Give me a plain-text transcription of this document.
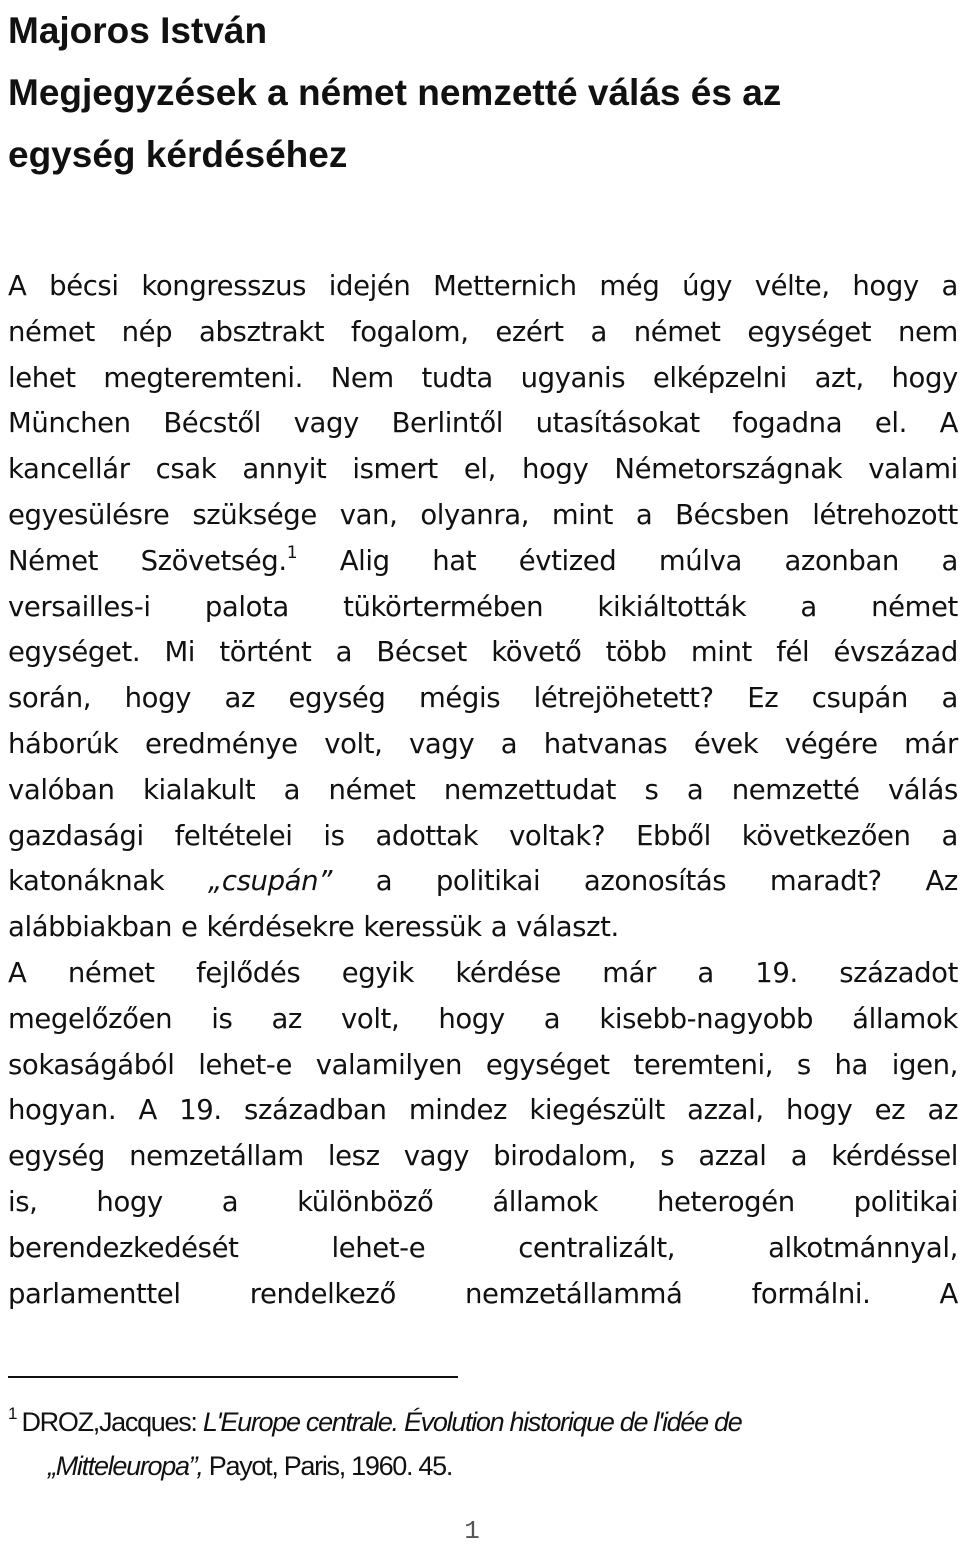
Majoros István
Megjegyzések a német nemzetté válás és az
egység kérdéséhez
A bécsi kongresszus idején Metternich még úgy vélte, hogy a
német nép absztrakt fogalom, ezért a német egységet nem
lehet megteremteni. Nem tudta ugyanis elképzelni azt, hogy
München Bécstől vagy Berlintől utasításokat fogadna el. A
kancellár csak annyit ismert el, hogy Németországnak valami
egyesülésre szüksége van, olyanra, mint a Bécsben létrehozott
Német Szövetség.$^1$ Alig hat évtized múlva azonban a
versailles-i palota tükörtermében kikiáltották a német
egységet. Mi történt a Bécset követő több mint fél évszázad
során, hogy az egység mégis létrejöhetett? Ez csupán a
háborúk eredménye volt, vagy a hatvanas évek végére már
valóban kialakult a német nemzettudat s a nemzetté válás
gazdasági feltételei is adottak voltak? Ebből következően a
katonáknak „csupán” a politikai azonosítás maradt? Az
alábbiakban e kérdésekre keressük a választ.
A német fejlődés egyik kérdése már a 19. századot
megelőzően is az volt, hogy a kisebb-nagyobb államok
sokaságából lehet-e valamilyen egységet teremteni, s ha igen,
hogyan. A 19. században mindez kiegészült azzal, hogy ez az
egység nemzetállam lesz vagy birodalom, s azzal a kérdéssel
is, hogy a különböző államok heterogén politikai
berendezkedését	lehet-e	centralizált,	alkotmánnyal,
parlamenttel	rendelkező	nemzetállammá	formálni.	A
$^1$ DROZ,Jacques: L'Europe centrale. Évolution historique de l'idée de
„Mitteleuropa”, Payot, Paris, 1960. 45.
1
